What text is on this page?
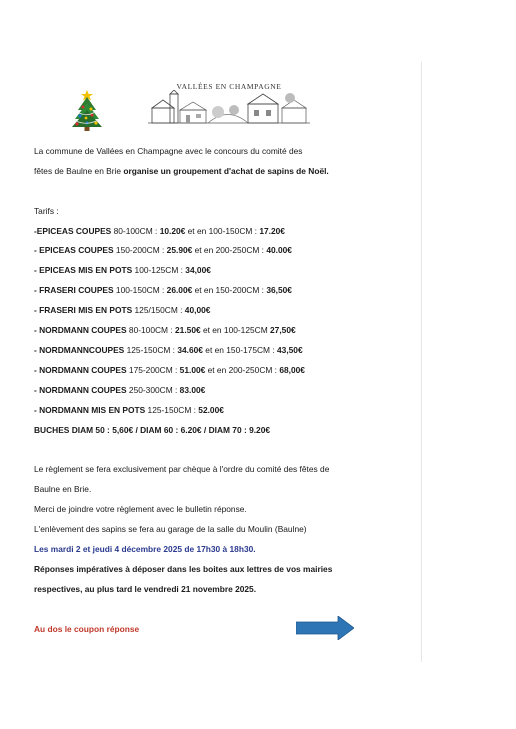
VALLÉES EN CHAMPAGNE
La commune de Vallées en Champagne avec le concours du comité des
fêtes de Baulne en Brie organise un groupement d'achat de sapins de Noël.
Tarifs :
-EPICEAS COUPES 80-100CM : 10.20€ et en 100-150CM : 17.20€
- EPICEAS COUPES 150-200CM : 25.90€ et en 200-250CM : 40.00€
- EPICEAS MIS EN POTS 100-125CM : 34,00€
- FRASERI COUPES 100-150CM : 26.00€ et en 150-200CM : 36,50€
- FRASERI MIS EN POTS 125/150CM : 40,00€
- NORDMANN COUPES 80-100CM : 21.50€ et en 100-125CM 27,50€
- NORDMANNCOUPES 125-150CM : 34.60€ et en 150-175CM : 43,50€
- NORDMANN COUPES 175-200CM : 51.00€ et en 200-250CM : 68,00€
- NORDMANN COUPES 250-300CM : 83.00€
- NORDMANN MIS EN POTS 125-150CM : 52.00€
BUCHES DIAM 50 : 5,60€ / DIAM 60 : 6.20€ / DIAM 70 : 9.20€
Le règlement se fera exclusivement par chèque à l'ordre du comité des fêtes de
Baulne en Brie.
Merci de joindre votre règlement avec le bulletin réponse.
L'enlèvement des sapins se fera au garage de la salle du Moulin (Baulne)
Les mardi 2 et jeudi 4 décembre 2025 de 17h30 à 18h30.
Réponses impératives à déposer dans les boites aux lettres de vos mairies
respectives, au plus tard le vendredi 21 novembre 2025.
Au dos le coupon réponse
